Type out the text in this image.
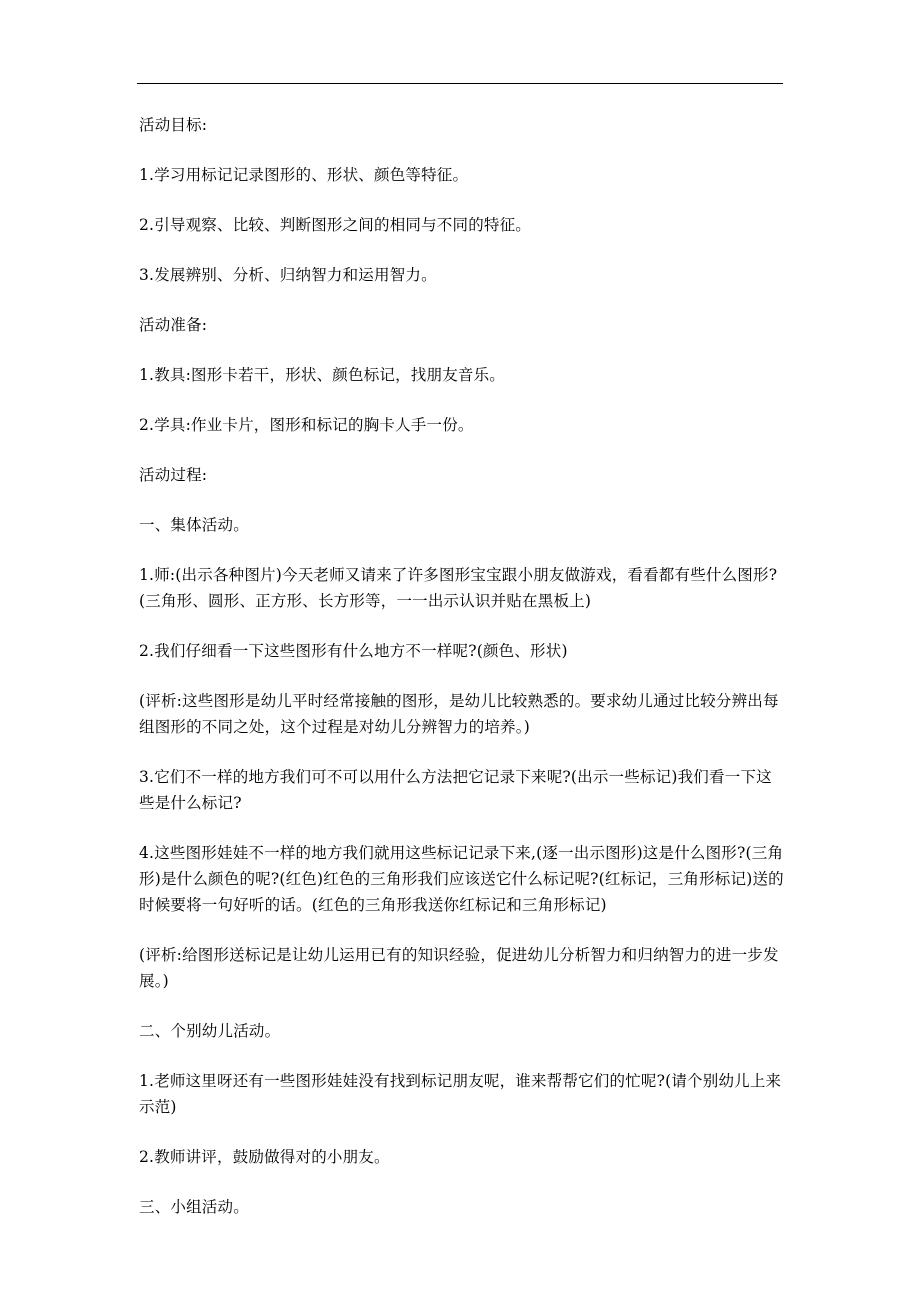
活动目标:

1.学习用标记记录图形的、形状、颜色等特征。

2.引导观察、比较、判断图形之间的相同与不同的特征。

3.发展辨别、分析、归纳智力和运用智力。

活动准备:

1.教具:图形卡若干，形状、颜色标记，找朋友音乐。

2.学具:作业卡片，图形和标记的胸卡人手一份。

活动过程:

一、集体活动。

1.师:(出示各种图片)今天老师又请来了许多图形宝宝跟小朋友做游戏，看看都有些什么图形?(三角形、圆形、正方形、长方形等，一一出示认识并贴在黑板上)

2.我们仔细看一下这些图形有什么地方不一样呢?(颜色、形状)

(评析:这些图形是幼儿平时经常接触的图形，是幼儿比较熟悉的。要求幼儿通过比较分辨出每组图形的不同之处，这个过程是对幼儿分辨智力的培养。)

3.它们不一样的地方我们可不可以用什么方法把它记录下来呢?(出示一些标记)我们看一下这些是什么标记?

4.这些图形娃娃不一样的地方我们就用这些标记记录下来,(逐一出示图形)这是什么图形?(三角形)是什么颜色的呢?(红色)红色的三角形我们应该送它什么标记呢?(红标记，三角形标记)送的时候要将一句好听的话。(红色的三角形我送你红标记和三角形标记)

(评析:给图形送标记是让幼儿运用已有的知识经验，促进幼儿分析智力和归纳智力的进一步发展。)

二、个别幼儿活动。

1.老师这里呀还有一些图形娃娃没有找到标记朋友呢，谁来帮帮它们的忙呢?(请个别幼儿上来示范)

2.教师讲评，鼓励做得对的小朋友。

三、小组活动。
